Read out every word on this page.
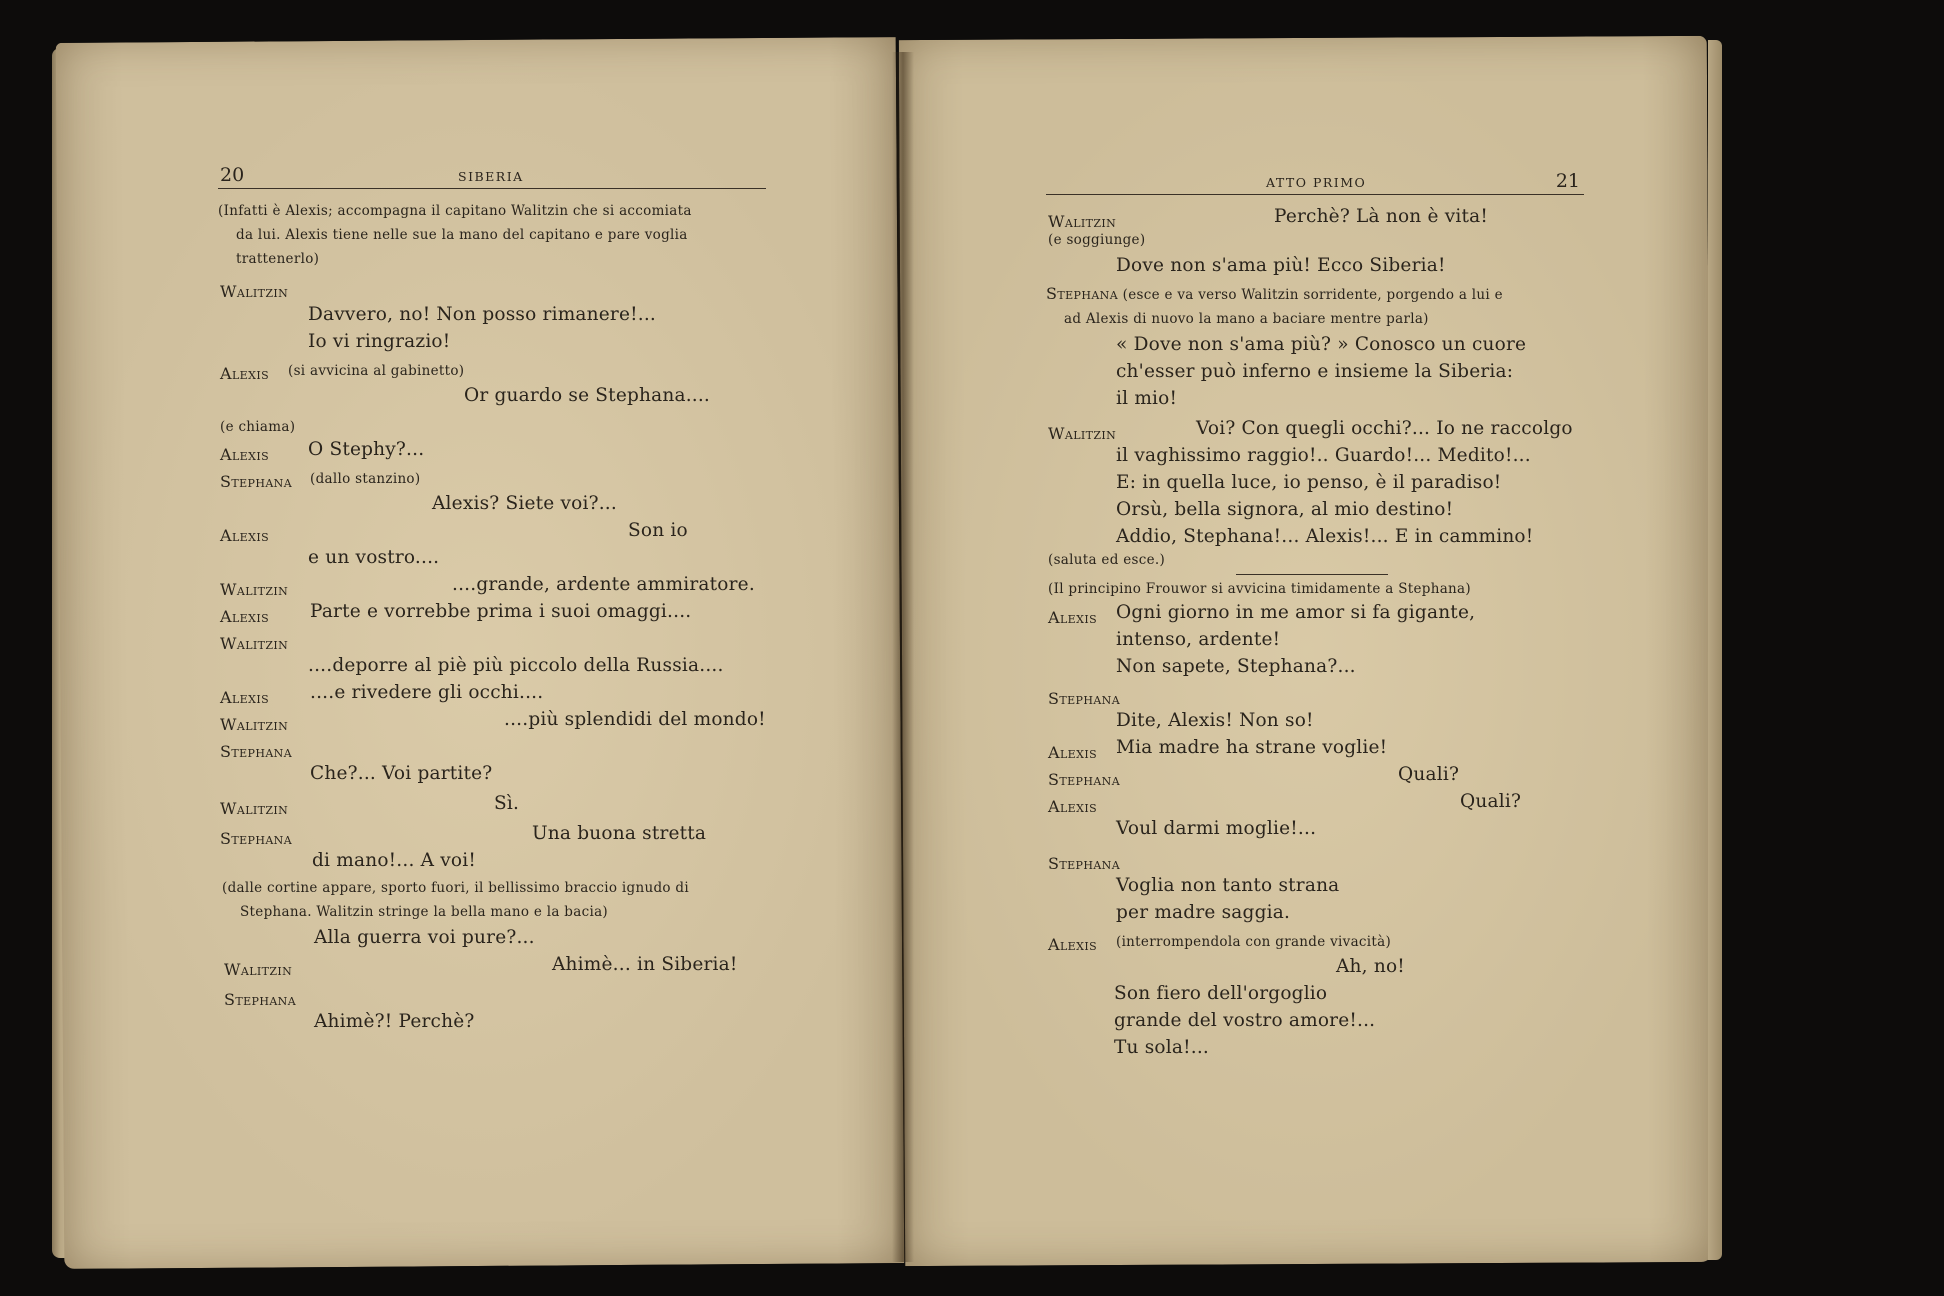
20	SIBERIA
(Infatti è Alexis; accompagna il capitano Walitzin che si accomiata
da lui. Alexis tiene nelle sue la mano del capitano e pare voglia
trattenerlo)
Walitzin
Davvero, no! Non posso rimanere!...
Io vi ringrazio!
Alexis (si avvicina al gabinetto)
Or guardo se Stephana....
(e chiama)
Alexis O Stephy?...
Stephana (dallo stanzino)
Alexis? Siete voi?...
Alexis	Son io
e un vostro....
Walitzin	....grande, ardente ammiratore.
Alexis Parte e vorrebbe prima i suoi omaggi....
Walitzin
....deporre al piè più piccolo della Russia....
Alexis ....e rivedere gli occhi....
Walitzin	....più splendidi del mondo!
Stephana
Che?... Voi partite?
Walitzin	Sì.
Stephana	Una buona stretta
di mano!... A voi!
(dalle cortine appare, sporto fuori, il bellissimo braccio ignudo di
Stephana. Walitzin stringe la bella mano e la bacia)
Alla guerra voi pure?...
Walitzin	Ahimè... in Siberia!
Stephana
Ahimè?! Perchè?
ATTO PRIMO	21
Walitzin	Perchè? Là non è vita!
(e soggiunge)
Dove non s'ama più! Ecco Siberia!
Stephana (esce e va verso Walitzin sorridente, porgendo a lui e
ad Alexis di nuovo la mano a baciare mentre parla)
« Dove non s'ama più? » Conosco un cuore
ch'esser può inferno e insieme la Siberia:
il mio!
Walitzin	Voi? Con quegli occhi?... Io ne raccolgo
il vaghissimo raggio!.. Guardo!... Medito!...
E: in quella luce, io penso, è il paradiso!
Orsù, bella signora, al mio destino!
Addio, Stephana!... Alexis!... E in cammino!
(saluta ed esce.)
(Il principino Frouwor si avvicina timidamente a Stephana)
Alexis Ogni giorno in me amor si fa gigante,
intenso, ardente!
Non sapete, Stephana?...
Stephana
Dite, Alexis! Non so!
Alexis Mia madre ha strane voglie!
Stephana	Quali?
Alexis	Quali?
Voul darmi moglie!...
Stephana
Voglia non tanto strana
per madre saggia.
Alexis (interrompendola con grande vivacità)
Ah, no!
Son fiero dell'orgoglio
grande del vostro amore!...
Tu sola!...
